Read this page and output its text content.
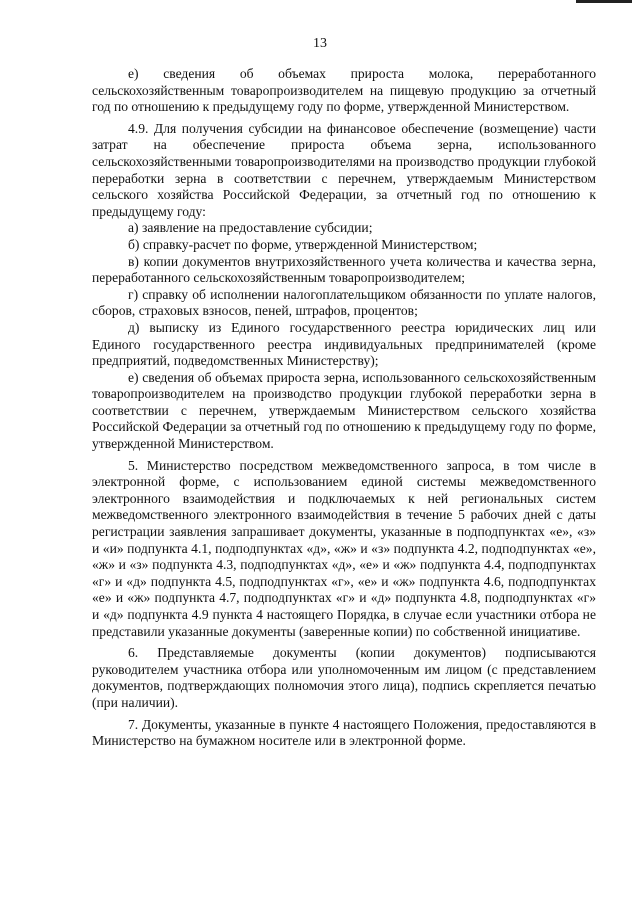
13

е) сведения об объемах прироста молока, переработанного сельскохозяйственным товаропроизводителем на пищевую продукцию за отчетный год по отношению к предыдущему году по форме, утвержденной Министерством.

4.9. Для получения субсидии на финансовое обеспечение (возмещение) части затрат на обеспечение прироста объема зерна, использованного сельскохозяйственными товаропроизводителями на производство продукции глубокой переработки зерна в соответствии с перечнем, утверждаемым Министерством сельского хозяйства Российской Федерации, за отчетный год по отношению к предыдущему году:

а) заявление на предоставление субсидии;

б) справку-расчет по форме, утвержденной Министерством;

в) копии документов внутрихозяйственного учета количества и качества зерна, переработанного сельскохозяйственным товаропроизводителем;

г) справку об исполнении налогоплательщиком обязанности по уплате налогов, сборов, страховых взносов, пеней, штрафов, процентов;

д) выписку из Единого государственного реестра юридических лиц или Единого государственного реестра индивидуальных предпринимателей (кроме предприятий, подведомственных Министерству);

е) сведения об объемах прироста зерна, использованного сельскохозяйственным товаропроизводителем на производство продукции глубокой переработки зерна в соответствии с перечнем, утверждаемым Министерством сельского хозяйства Российской Федерации за отчетный год по отношению к предыдущему году по форме, утвержденной Министерством.

5. Министерство посредством межведомственного запроса, в том числе в электронной форме, с использованием единой системы межведомственного электронного взаимодействия и подключаемых к ней региональных систем межведомственного электронного взаимодействия в течение 5 рабочих дней с даты регистрации заявления запрашивает документы, указанные в подподпунктах «е», «з» и «и» подпункта 4.1, подподпунктах «д», «ж» и «з» подпункта 4.2, подподпунктах «е», «ж» и «з» подпункта 4.3, подподпунктах «д», «е» и «ж» подпункта 4.4, подподпунктах «г» и «д» подпункта 4.5, подподпунктах «г», «е» и «ж» подпункта 4.6, подподпунктах «е» и «ж» подпункта 4.7, подподпунктах «г» и «д» подпункта 4.8, подподпунктах «г» и «д» подпункта 4.9 пункта 4 настоящего Порядка, в случае если участники отбора не представили указанные документы (заверенные копии) по собственной инициативе.

6. Представляемые документы (копии документов) подписываются руководителем участника отбора или уполномоченным им лицом (с представлением документов, подтверждающих полномочия этого лица), подпись скрепляется печатью (при наличии).

7. Документы, указанные в пункте 4 настоящего Положения, предоставляются в Министерство на бумажном носителе или в электронной форме.
